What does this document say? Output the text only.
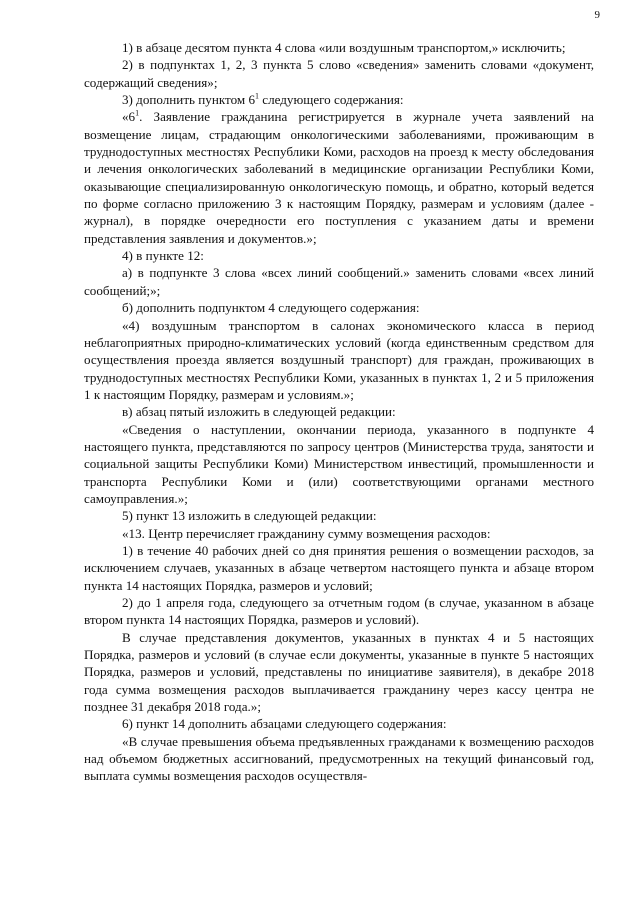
9

1) в абзаце десятом пункта 4 слова «или воздушным транспортом,» исключить;

2) в подпунктах 1, 2, 3 пункта 5 слово «сведения» заменить словами «документ, содержащий сведения»;

3) дополнить пунктом $6^1$ следующего содержания:

«$6^1$. Заявление гражданина регистрируется в журнале учета заявлений на возмещение лицам, страдающим онкологическими заболеваниями, проживающим в труднодоступных местностях Республики Коми, расходов на проезд к месту обследования и лечения онкологических заболеваний в медицинские организации Республики Коми, оказывающие специализированную онкологическую помощь, и обратно, который ведется по форме согласно приложению 3 к настоящим Порядку, размерам и условиям (далее - журнал), в порядке очередности его поступления с указанием даты и времени представления заявления и документов.»;

4) в пункте 12:

а) в подпункте 3 слова «всех линий сообщений.» заменить словами «всех линий сообщений;»;

б) дополнить подпунктом 4 следующего содержания:

«4) воздушным транспортом в салонах экономического класса в период неблагоприятных природно-климатических условий (когда единственным средством для осуществления проезда является воздушный транспорт) для граждан, проживающих в труднодоступных местностях Республики Коми, указанных в пунктах 1, 2 и 5 приложения 1 к настоящим Порядку, размерам и условиям.»;

в) абзац пятый изложить в следующей редакции:

«Сведения о наступлении, окончании периода, указанного в подпункте 4 настоящего пункта, представляются по запросу центров (Министерства труда, занятости и социальной защиты Республики Коми) Министерством инвестиций, промышленности и транспорта Республики Коми и (или) соответствующими органами местного самоуправления.»;

5) пункт 13 изложить в следующей редакции:

«13. Центр перечисляет гражданину сумму возмещения расходов:

1) в течение 40 рабочих дней со дня принятия решения о возмещении расходов, за исключением случаев, указанных в абзаце четвертом настоящего пункта и абзаце втором пункта 14 настоящих Порядка, размеров и условий;

2) до 1 апреля года, следующего за отчетным годом (в случае, указанном в абзаце втором пункта 14 настоящих Порядка, размеров и условий).

В случае представления документов, указанных в пунктах 4 и 5 настоящих Порядка, размеров и условий (в случае если документы, указанные в пункте 5 настоящих Порядка, размеров и условий, представлены по инициативе заявителя), в декабре 2018 года сумма возмещения расходов выплачивается гражданину через кассу центра не позднее 31 декабря 2018 года.»;

6) пункт 14 дополнить абзацами следующего содержания:

«В случае превышения объема предъявленных гражданами к возмещению расходов над объемом бюджетных ассигнований, предусмотренных на текущий финансовый год, выплата суммы возмещения расходов осуществля-
